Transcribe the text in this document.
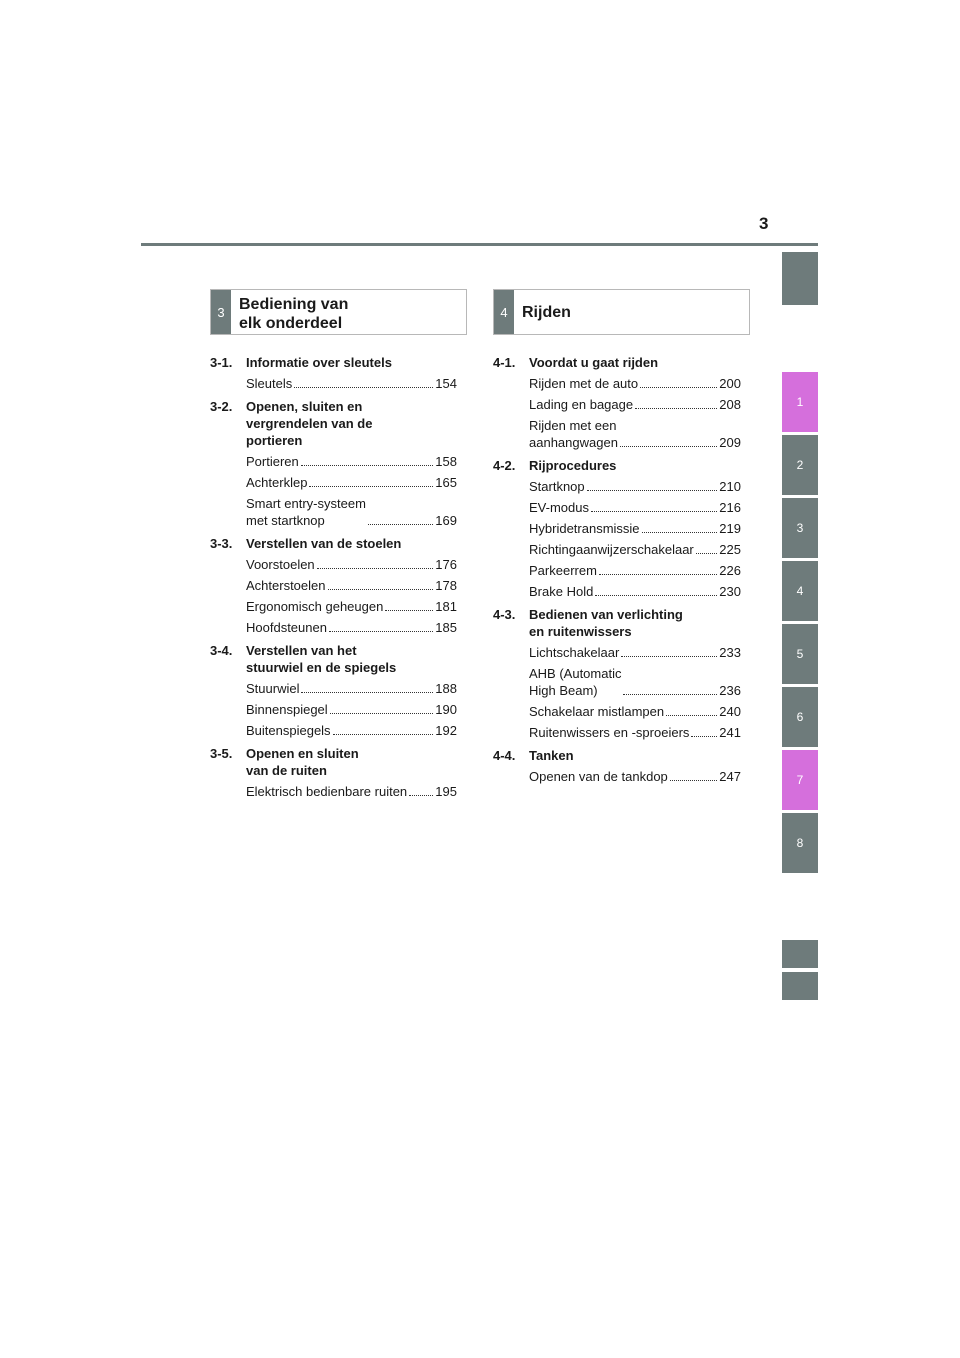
3
1
2
3
4
5
6
7
8
3 Bediening van
elk onderdeel
4 Rijden
3-1.	Informatie over sleutels
Sleutels	154
3-2.	Openen, sluiten en
vergrendelen van de
portieren
Portieren	158
Achterklep	165
Smart entry-systeem
met startknop	169
3-3.	Verstellen van de stoelen
Voorstoelen	176
Achterstoelen	178
Ergonomisch geheugen	181
Hoofdsteunen	185
3-4.	Verstellen van het
stuurwiel en de spiegels
Stuurwiel	188
Binnenspiegel	190
Buitenspiegels	192
3-5.	Openen en sluiten
van de ruiten
Elektrisch bedienbare ruiten 195
4-1.	Voordat u gaat rijden
Rijden met de auto	200
Lading en bagage	208
Rijden met een
aanhangwagen	209
4-2.	Rijprocedures
Startknop	210
EV-modus	216
Hybridetransmissie	219
Richtingaanwijzerschakelaar 225
Parkeerrem	226
Brake Hold	230
4-3.	Bedienen van verlichting
en ruitenwissers
Lichtschakelaar	233
AHB (Automatic
High Beam)	236
Schakelaar mistlampen	240
Ruitenwissers en -sproeiers 241
4-4.	Tanken
Openen van de tankdop	247
